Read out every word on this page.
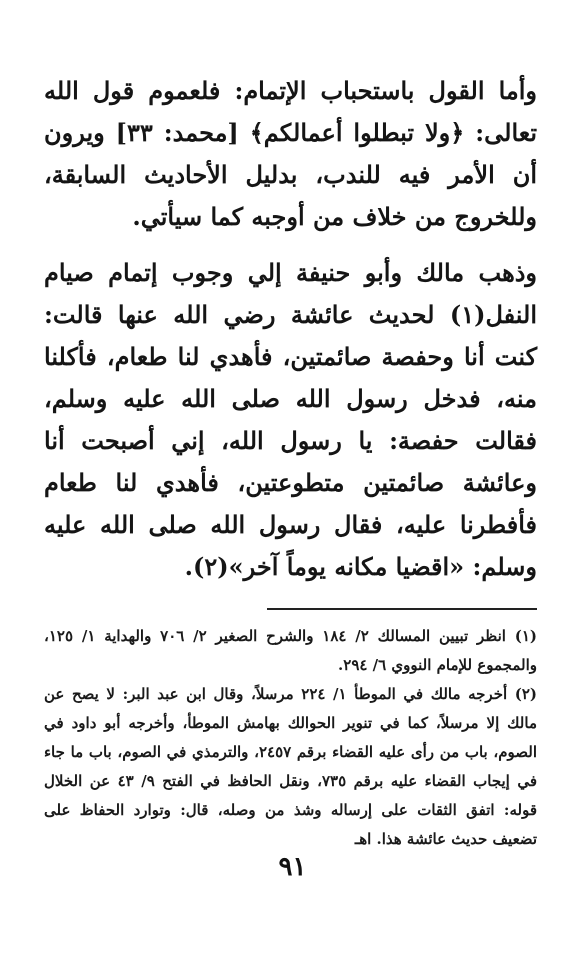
وأما القول باستحباب الإتمام: فلعموم قول الله تعالى: ﴿ولا تبطلوا أعمالكم﴾ [محمد: ٣٣] ويرون أن الأمر فيه للندب، بدليل الأحاديث السابقة، وللخروج من خلاف من أوجبه كما سيأتي.

وذهب مالك وأبو حنيفة إلي وجوب إتمام صيام النفل(١) لحديث عائشة رضي الله عنها قالت: كنت أنا وحفصة صائمتين، فأهدي لنا طعام، فأكلنا منه، فدخل رسول الله صلى الله عليه وسلم، فقالت حفصة: يا رسول الله، إني أصبحت أنا وعائشة صائمتين متطوعتين، فأهدي لنا طعام فأفطرنا عليه، فقال رسول الله صلى الله عليه وسلم: «اقضيا مكانه يوماً آخر»(٢).

(١) انظر تبيين المسالك ٢/ ١٨٤ والشرح الصغير ٢/ ٧٠٦ والهداية ١/ ١٢٥، والمجموع للإمام النووي ٦/ ٢٩٤.

(٢) أخرجه مالك في الموطأ ١/ ٢٢٤ مرسلاً، وقال ابن عبد البر: لا يصح عن مالك إلا مرسلاً، كما في تنوير الحوالك بهامش الموطأ، وأخرجه أبو داود في الصوم، باب من رأى عليه القضاء برقم ٢٤٥٧، والترمذي في الصوم، باب ما جاء في إيجاب القضاء عليه برقم ٧٣٥، ونقل الحافظ في الفتح ٩/ ٤٣ عن الخلال قوله: اتفق الثقات على إرساله وشذ من وصله، قال: وتوارد الحفاظ على تضعيف حديث عائشة هذا. اهـ

٩١
